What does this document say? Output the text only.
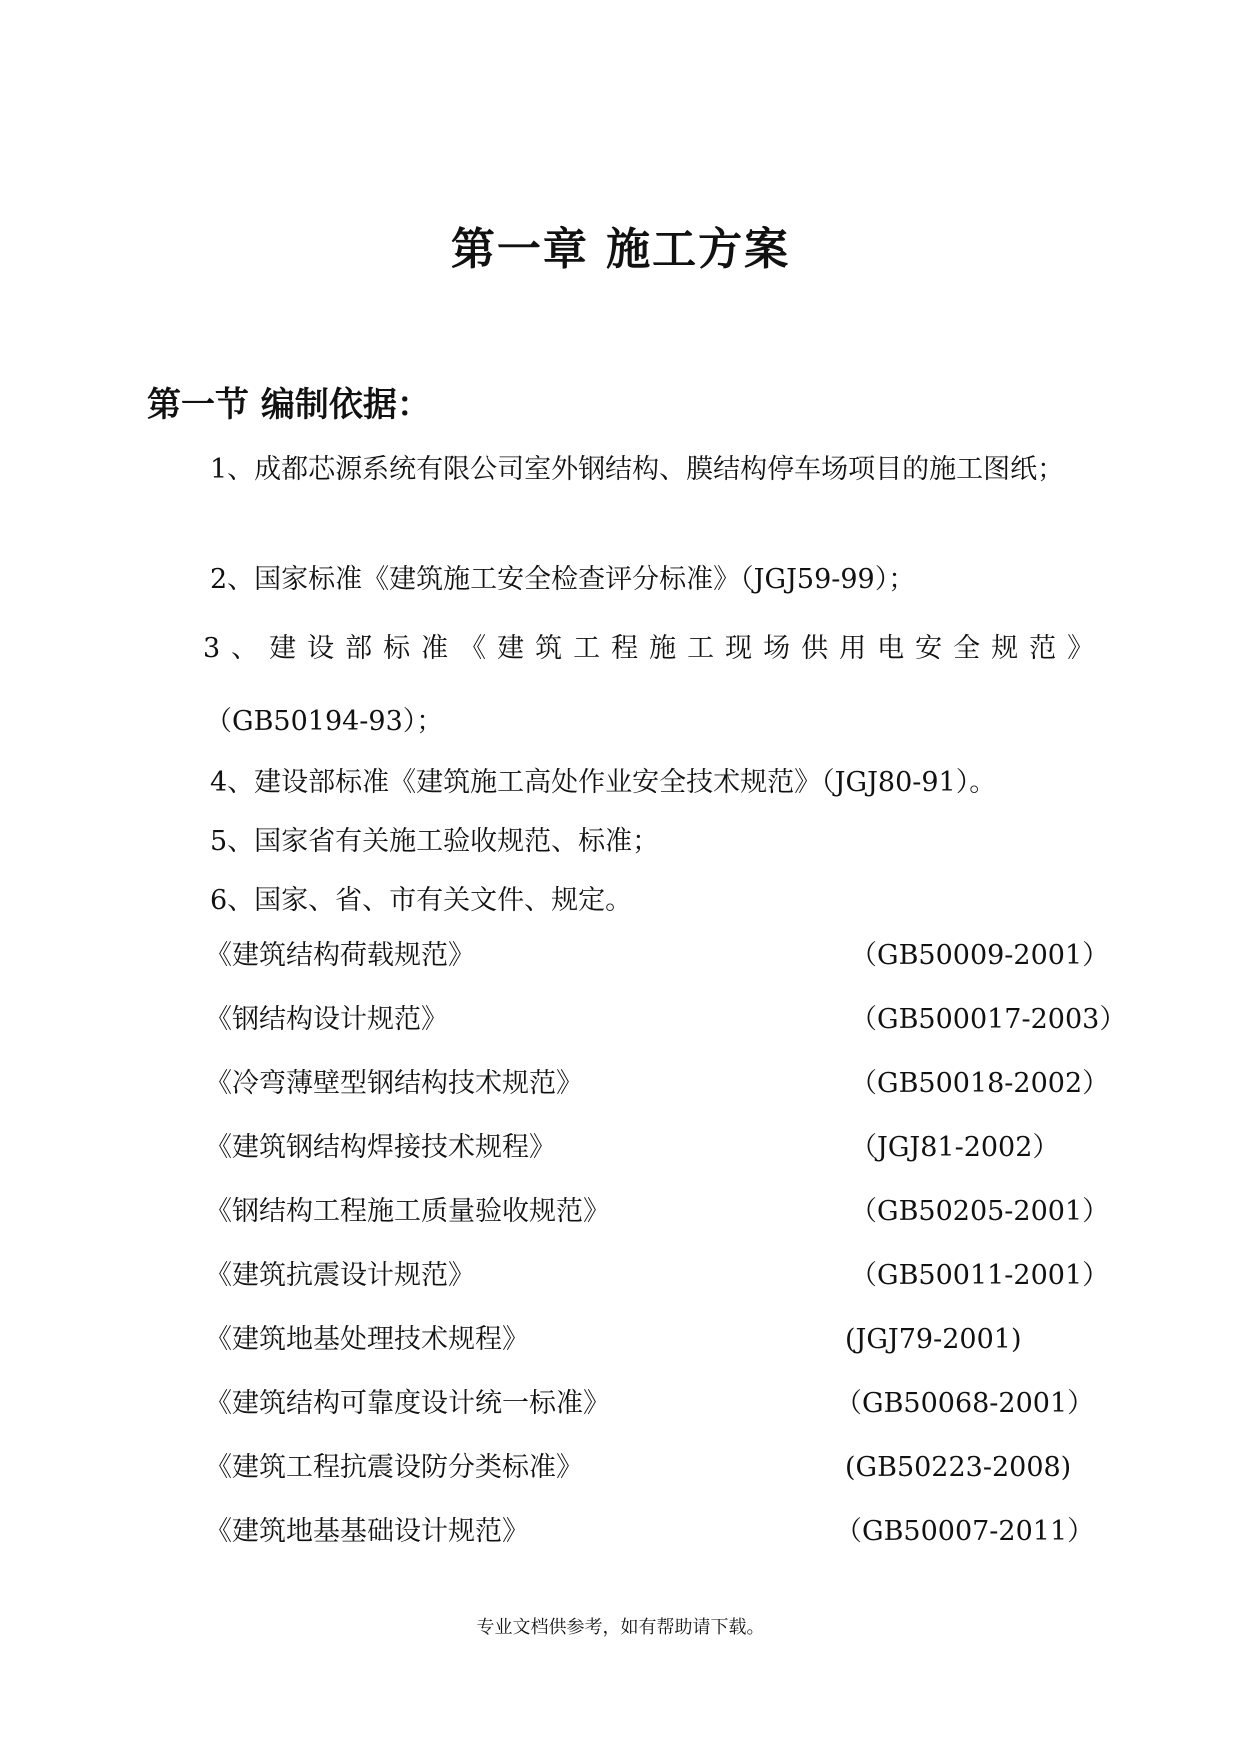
第一章 施工方案
第一节 编制依据：
1、成都芯源系统有限公司室外钢结构、膜结构停车场项目的施工图纸；
2、国家标准《建筑施工安全检查评分标准》（JGJ59-99）；
3、建设部标准《建筑工程施工现场供用电安全规范》
（GB50194-93）；
4、建设部标准《建筑施工高处作业安全技术规范》（JGJ80-91）。
5、国家省有关施工验收规范、标准；
6、国家、省、市有关文件、规定。
《建筑结构荷载规范》	（GB50009-2001）
《钢结构设计规范》	（GB500017-2003）
《冷弯薄壁型钢结构技术规范》	（GB50018-2002）
《建筑钢结构焊接技术规程》	（JGJ81-2002）
《钢结构工程施工质量验收规范》	（GB50205-2001）
《建筑抗震设计规范》	（GB50011-2001）
《建筑地基处理技术规程》	(JGJ79-2001)
《建筑结构可靠度设计统一标准》	（GB50068-2001）
《建筑工程抗震设防分类标准》	(GB50223-2008)
《建筑地基基础设计规范》	（GB50007-2011）
专业文档供参考，如有帮助请下载。
